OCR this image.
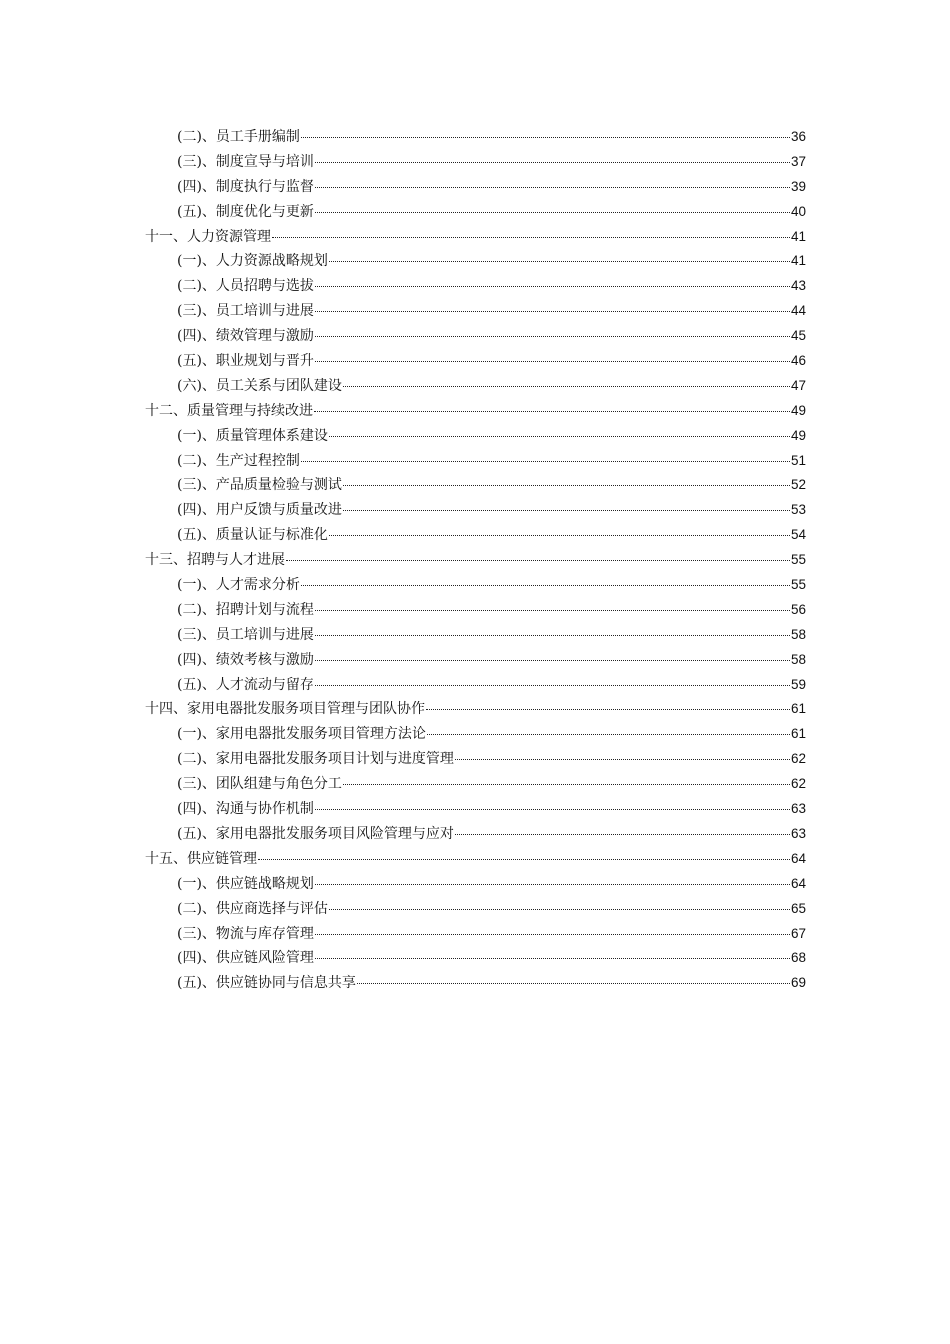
(二)、员工手册编制	36
(三)、制度宣导与培训	37
(四)、制度执行与监督	39
(五)、制度优化与更新	40
十一、人力资源管理	41
(一)、人力资源战略规划	41
(二)、人员招聘与选拔	43
(三)、员工培训与进展	44
(四)、绩效管理与激励	45
(五)、职业规划与晋升	46
(六)、员工关系与团队建设	47
十二、质量管理与持续改进	49
(一)、质量管理体系建设	49
(二)、生产过程控制	51
(三)、产品质量检验与测试	52
(四)、用户反馈与质量改进	53
(五)、质量认证与标准化	54
十三、招聘与人才进展	55
(一)、人才需求分析	55
(二)、招聘计划与流程	56
(三)、员工培训与进展	58
(四)、绩效考核与激励	58
(五)、人才流动与留存	59
十四、家用电器批发服务项目管理与团队协作	61
(一)、家用电器批发服务项目管理方法论	61
(二)、家用电器批发服务项目计划与进度管理	62
(三)、团队组建与角色分工	62
(四)、沟通与协作机制	63
(五)、家用电器批发服务项目风险管理与应对	63
十五、供应链管理	64
(一)、供应链战略规划	64
(二)、供应商选择与评估	65
(三)、物流与库存管理	67
(四)、供应链风险管理	68
(五)、供应链协同与信息共享	69
